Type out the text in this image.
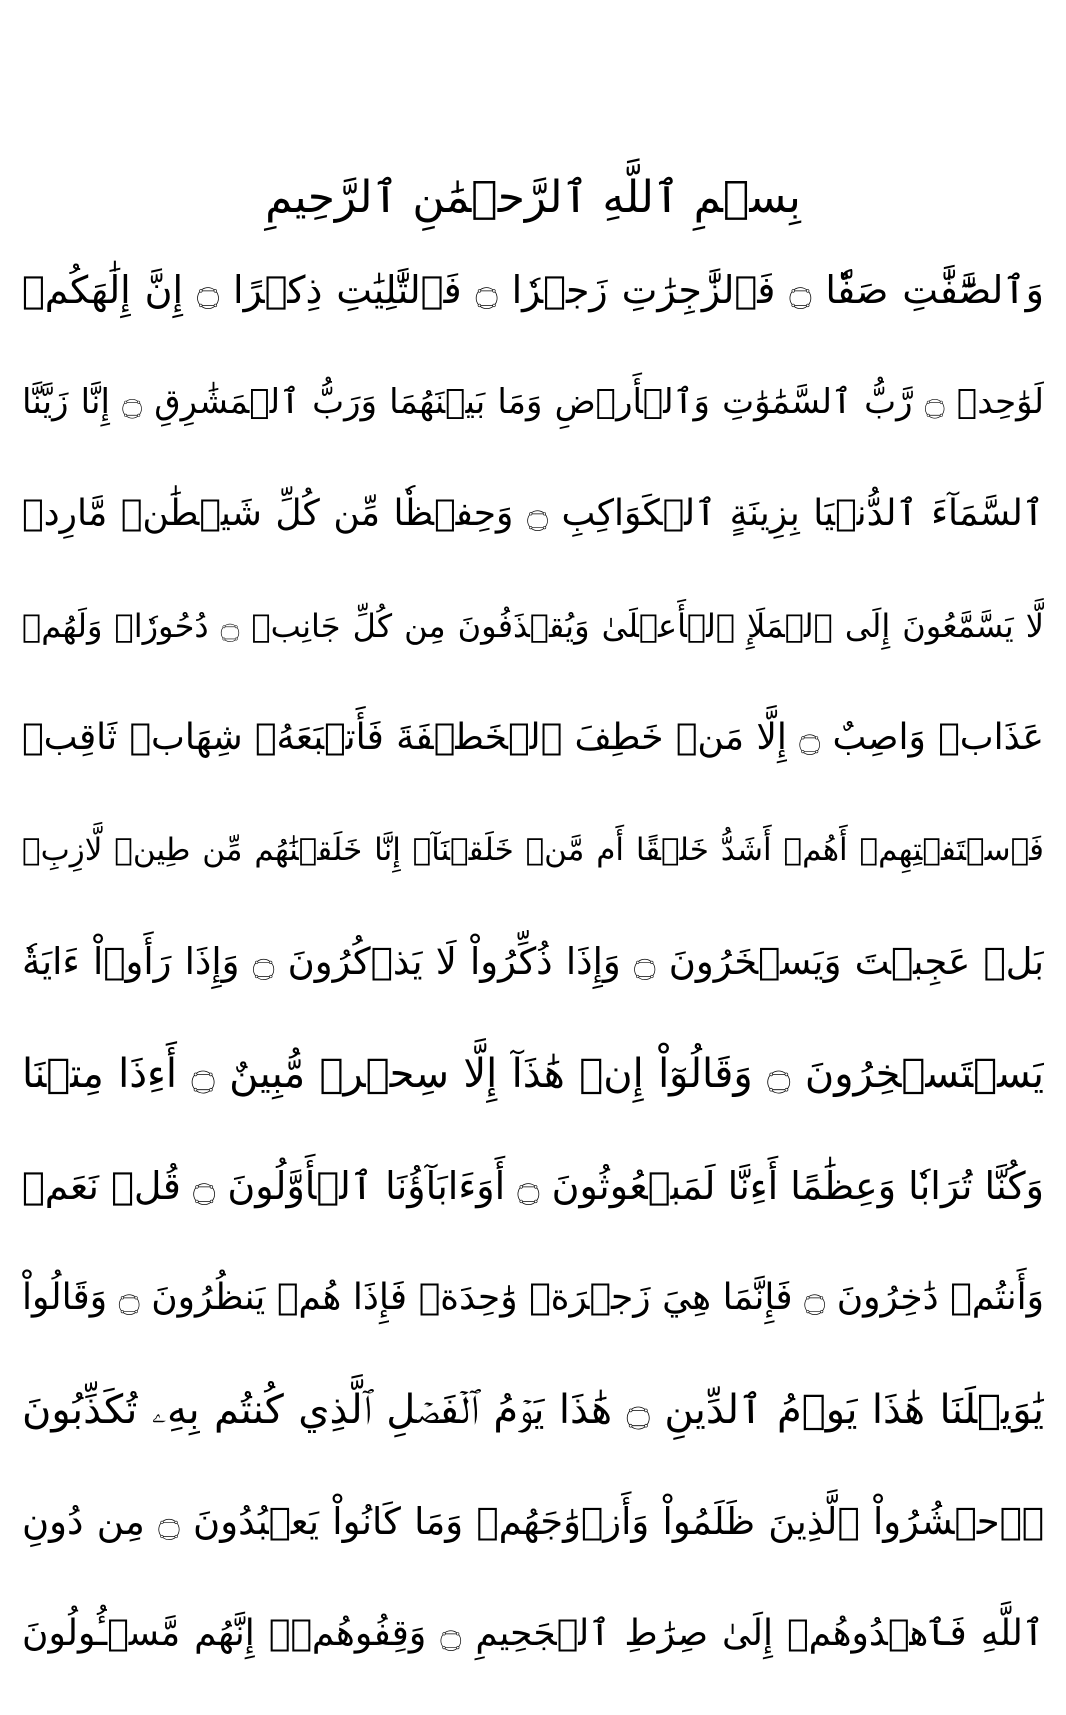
بِسۡمِ ٱللَّهِ ٱلرَّحۡمَٰنِ ٱلرَّحِيمِ
وَٱلصَّٰٓفَّٰتِ صَفّٗا ۝ فَٱلزَّٰجِرَٰتِ زَجۡرٗا ۝ فَٱلتَّٰلِيَٰتِ ذِكۡرًا ۝ إِنَّ إِلَٰهَكُمۡ
لَوَٰحِدٞ ۝ رَّبُّ ٱلسَّمَٰوَٰتِ وَٱلۡأَرۡضِ وَمَا بَيۡنَهُمَا وَرَبُّ ٱلۡمَشَٰرِقِ ۝ إِنَّا زَيَّنَّا
ٱلسَّمَآءَ ٱلدُّنۡيَا بِزِينَةٍ ٱلۡكَوَاكِبِ ۝ وَحِفۡظٗا مِّن كُلِّ شَيۡطَٰنٖ مَّارِدٖ
لَّا يَسَّمَّعُونَ إِلَى ٱلۡمَلَإِ ٱلۡأَعۡلَىٰ وَيُقۡذَفُونَ مِن كُلِّ جَانِبٖ ۝ دُحُورٗاۖ وَلَهُمۡ
عَذَابٞ وَاصِبٌ ۝ إِلَّا مَنۡ خَطِفَ ٱلۡخَطۡفَةَ فَأَتۡبَعَهُۥ شِهَابٞ ثَاقِبٞ
فَٱسۡتَفۡتِهِمۡ أَهُمۡ أَشَدُّ خَلۡقًا أَم مَّنۡ خَلَقۡنَآۚ إِنَّا خَلَقۡنَٰهُم مِّن طِينٖ لَّازِبِۭ
بَلۡ عَجِبۡتَ وَيَسۡخَرُونَ ۝ وَإِذَا ذُكِّرُواْ لَا يَذۡكُرُونَ ۝ وَإِذَا رَأَوۡاْ ءَايَةٗ
يَسۡتَسۡخِرُونَ ۝ وَقَالُوٓاْ إِنۡ هَٰذَآ إِلَّا سِحۡرٞ مُّبِينٌ ۝ أَءِذَا مِتۡنَا
وَكُنَّا تُرَابٗا وَعِظَٰمًا أَءِنَّا لَمَبۡعُوثُونَ ۝ أَوَءَابَآؤُنَا ٱلۡأَوَّلُونَ ۝ قُلۡ نَعَمۡ
وَأَنتُمۡ دَٰخِرُونَ ۝ فَإِنَّمَا هِيَ زَجۡرَةٞ وَٰحِدَةٞ فَإِذَا هُمۡ يَنظُرُونَ ۝ وَقَالُواْ
يَٰوَيۡلَنَا هَٰذَا يَوۡمُ ٱلدِّينِ ۝ هَٰذَا يَوۡمُ ٱلۡفَصۡلِ ٱلَّذِي كُنتُم بِهِۦ تُكَذِّبُونَ
۞ٱحۡشُرُواْ ٱلَّذِينَ ظَلَمُواْ وَأَزۡوَٰجَهُمۡ وَمَا كَانُواْ يَعۡبُدُونَ ۝ مِن دُونِ
ٱللَّهِ فَٱهۡدُوهُمۡ إِلَىٰ صِرَٰطِ ٱلۡجَحِيمِ ۝ وَقِفُوهُمۡۖ إِنَّهُم مَّسۡـُٔولُونَ
